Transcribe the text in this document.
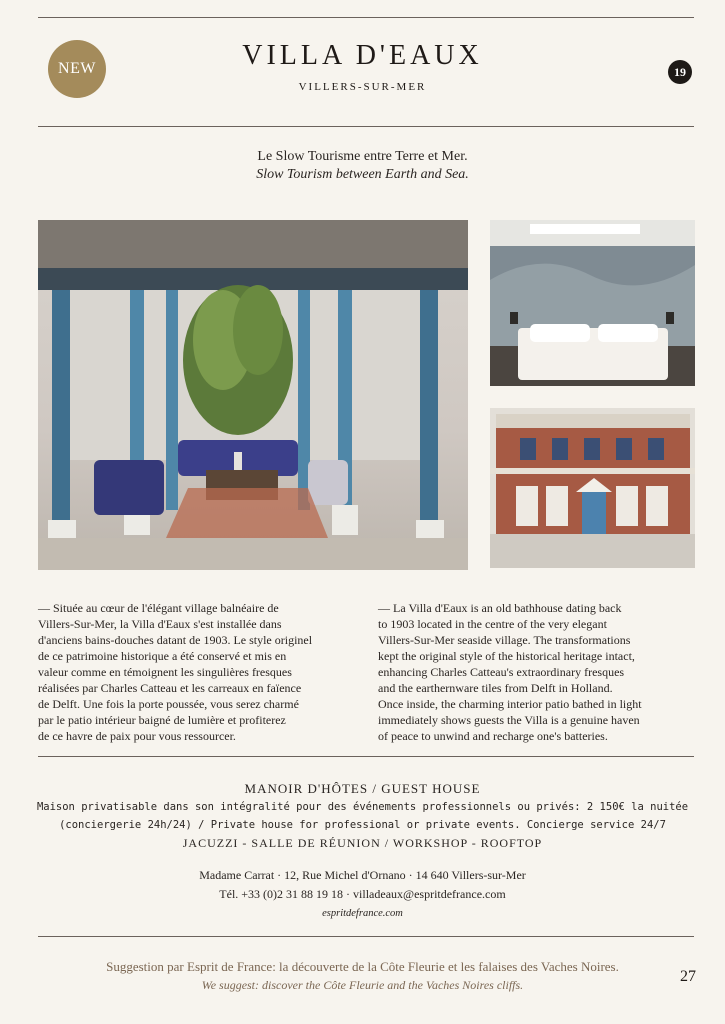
NEW	VILLA D'EAUX
VILLERS-SUR-MER
19
Le Slow Tourisme entre Terre et Mer.
Slow Tourism between Earth and Sea.
— Située au cœur de l'élégant village balnéaire de
Villers-Sur-Mer, la Villa d'Eaux s'est installée dans
d'anciens bains-douches datant de 1903. Le style originel
de ce patrimoine historique a été conservé et mis en
valeur comme en témoignent les singulières fresques
réalisées par Charles Catteau et les carreaux en faïence
de Delft. Une fois la porte poussée, vous serez charmé
par le patio intérieur baigné de lumière et profiterez
de ce havre de paix pour vous ressourcer.
— La Villa d'Eaux is an old bathhouse dating back
to 1903 located in the centre of the very elegant
Villers-Sur-Mer seaside village. The transformations
kept the original style of the historical heritage intact,
enhancing Charles Catteau's extraordinary fresques
and the earthernware tiles from Delft in Holland.
Once inside, the charming interior patio bathed in light
immediately shows guests the Villa is a genuine haven
of peace to unwind and recharge one's batteries.
MANOIR D'HÔTES / GUEST HOUSE
Maison privatisable dans son intégralité pour des événements professionnels ou privés: 2 150€ la nuitée
(conciergerie 24h/24) / Private house for professional or private events. Concierge service 24/7
JACUZZI - SALLE DE RÉUNION / WORKSHOP - ROOFTOP
Madame Carrat · 12, Rue Michel d'Ornano · 14 640 Villers-sur-Mer
Tél. +33 (0)2 31 88 19 18 · villadeaux@espritdefrance.com
espritdefrance.com
Suggestion par Esprit de France: la découverte de la Côte Fleurie et les falaises des Vaches Noires.
We suggest: discover the Côte Fleurie and the Vaches Noires cliffs.	27
